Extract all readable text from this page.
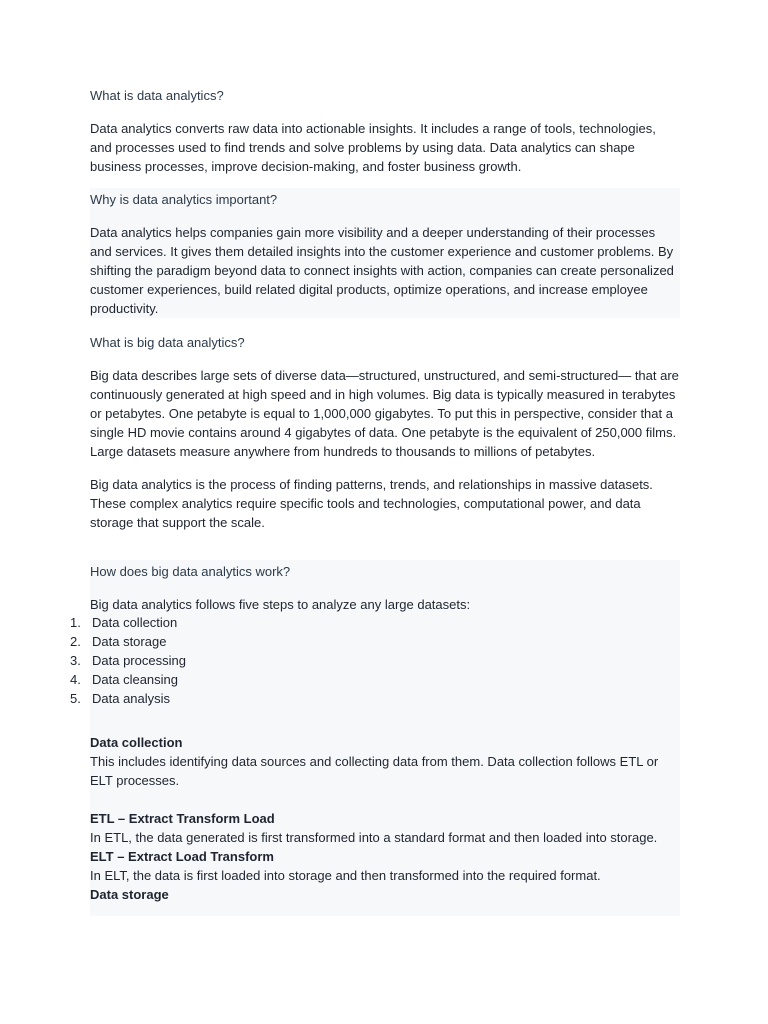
What is data analytics?

Data analytics converts raw data into actionable insights. It includes a range of tools, technologies, and processes used to find trends and solve problems by using data. Data analytics can shape business processes, improve decision-making, and foster business growth.

Why is data analytics important?

Data analytics helps companies gain more visibility and a deeper understanding of their processes and services. It gives them detailed insights into the customer experience and customer problems. By shifting the paradigm beyond data to connect insights with action, companies can create personalized customer experiences, build related digital products, optimize operations, and increase employee productivity.

What is big data analytics?

Big data describes large sets of diverse data—structured, unstructured, and semi-structured— that are continuously generated at high speed and in high volumes. Big data is typically measured in terabytes or petabytes. One petabyte is equal to 1,000,000 gigabytes. To put this in perspective, consider that a single HD movie contains around 4 gigabytes of data. One petabyte is the equivalent of 250,000 films. Large datasets measure anywhere from hundreds to thousands to millions of petabytes.

Big data analytics is the process of finding patterns, trends, and relationships in massive datasets. These complex analytics require specific tools and technologies, computational power, and data storage that support the scale.

How does big data analytics work?

Big data analytics follows five steps to analyze any large datasets:

Data collection

This includes identifying data sources and collecting data from them. Data collection follows ETL or ELT processes.

ETL – Extract Transform Load

In ETL, the data generated is first transformed into a standard format and then loaded into storage.

ELT – Extract Load Transform

In ELT, the data is first loaded into storage and then transformed into the required format.

Data storage

1. Data collection
2. Data storage
3. Data processing
4. Data cleansing
5. Data analysis
